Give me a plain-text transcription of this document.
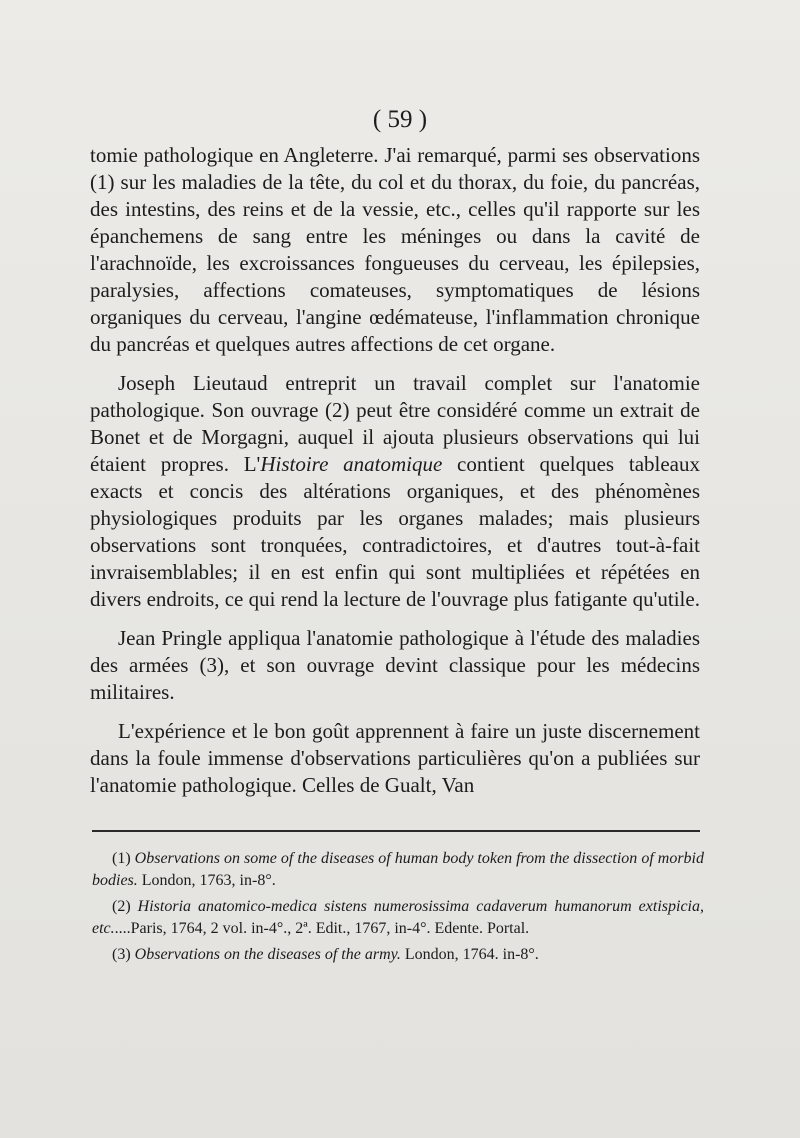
( 59 )

tomie pathologique en Angleterre. J'ai remarqué, parmi ses observations (1) sur les maladies de la tête, du col et du thorax, du foie, du pancréas, des intestins, des reins et de la vessie, etc., celles qu'il rapporte sur les épanchemens de sang entre les méninges ou dans la cavité de l'arachnoïde, les excroissances fongueuses du cerveau, les épilepsies, paralysies, affections comateuses, symptomatiques de lésions organiques du cerveau, l'angine œdémateuse, l'inflammation chronique du pancréas et quelques autres affections de cet organe.

Joseph Lieutaud entreprit un travail complet sur l'anatomie pathologique. Son ouvrage (2) peut être considéré comme un extrait de Bonet et de Morgagni, auquel il ajouta plusieurs observations qui lui étaient propres. L'Histoire anatomique contient quelques tableaux exacts et concis des altérations organiques, et des phénomènes physiologiques produits par les organes malades; mais plusieurs observations sont tronquées, contradictoires, et d'autres tout-à-fait invraisemblables; il en est enfin qui sont multipliées et répétées en divers endroits, ce qui rend la lecture de l'ouvrage plus fatigante qu'utile.

Jean Pringle appliqua l'anatomie pathologique à l'étude des maladies des armées (3), et son ouvrage devint classique pour les médecins militaires.

L'expérience et le bon goût apprennent à faire un juste discernement dans la foule immense d'observations particulières qu'on a publiées sur l'anatomie pathologique. Celles de Gualt, Van

(1) Observations on some of the diseases of human body token from the dissection of morbid bodies. London, 1763, in-8°.

(2) Historia anatomico-medica sistens numerosissima cadaverum humanorum extispicia, etc.....Paris, 1764, 2 vol. in-4°., 2ª. Edit., 1767, in-4°. Edente. Portal.

(3) Observations on the diseases of the army. London, 1764. in-8°.
